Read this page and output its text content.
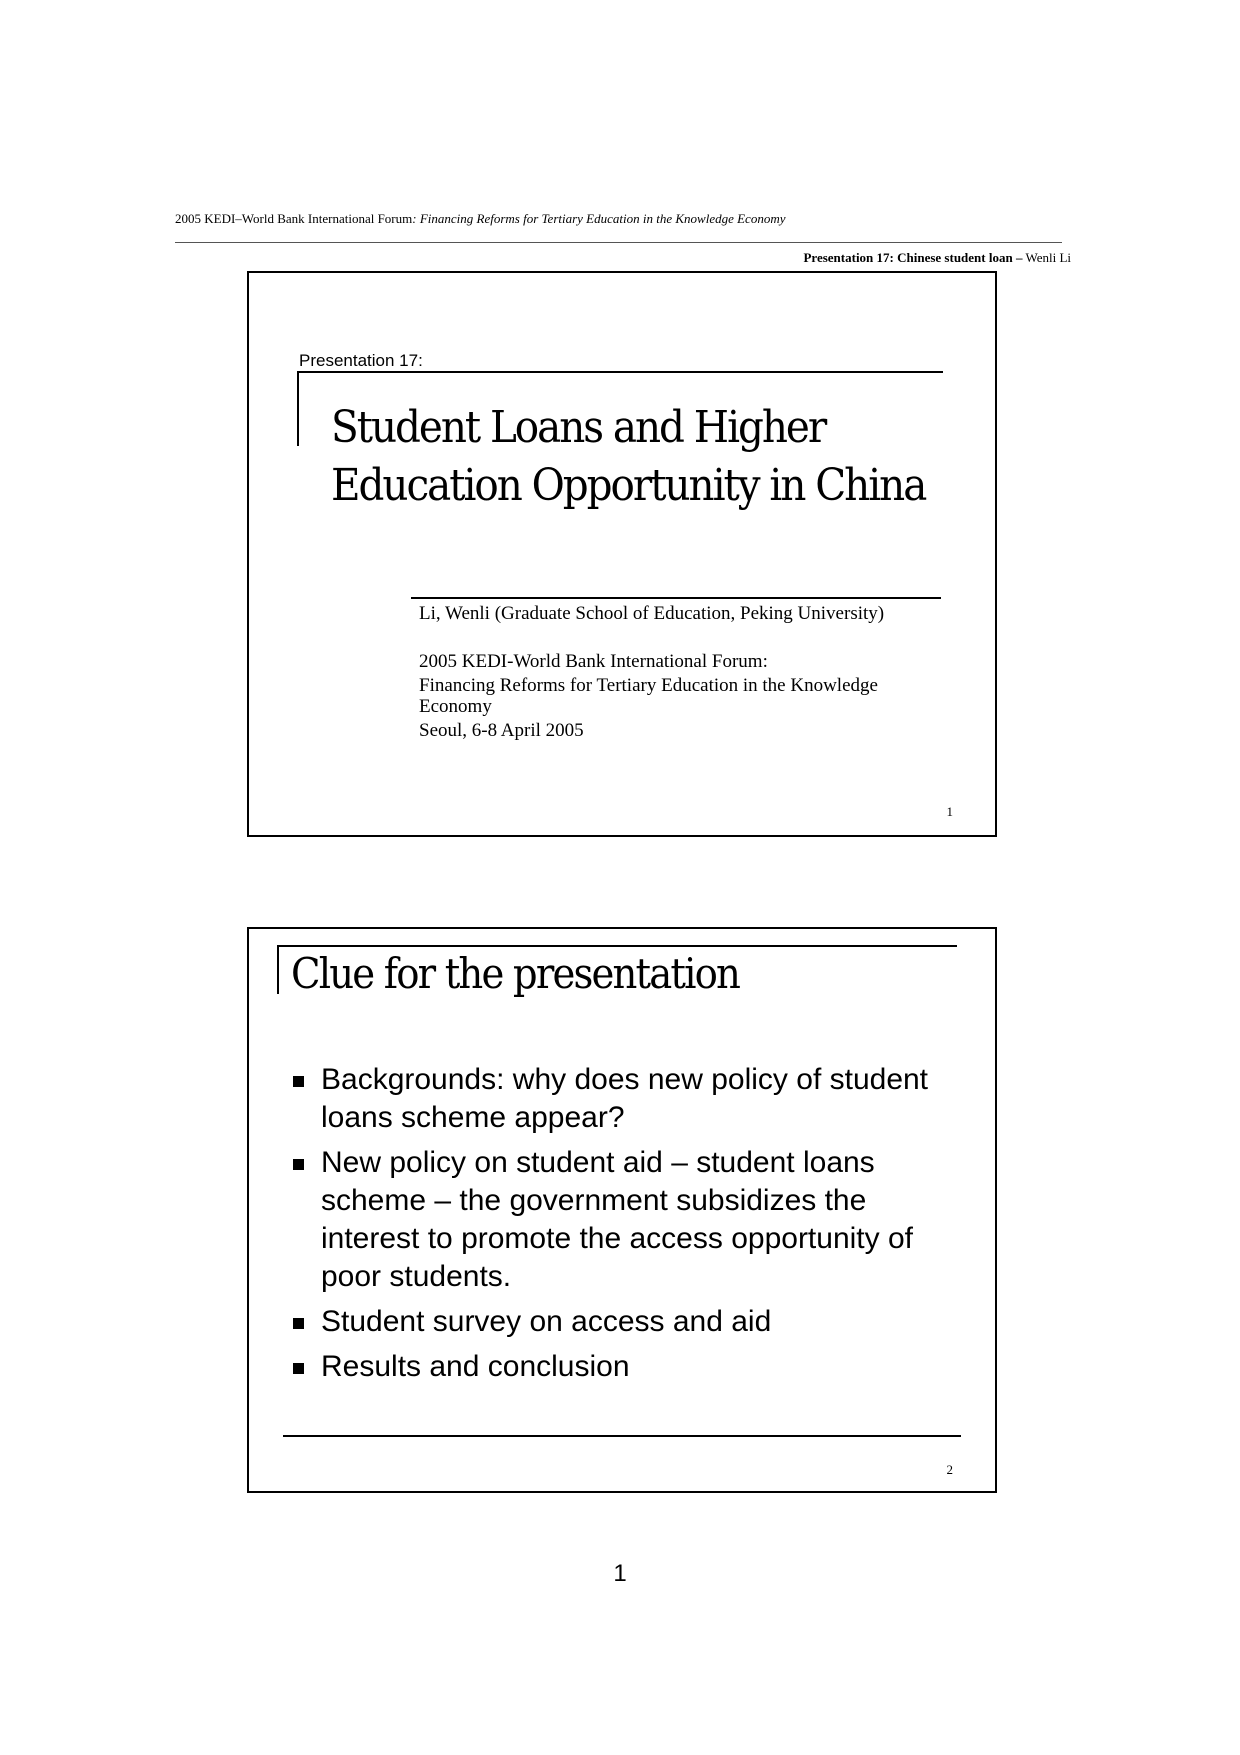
2005 KEDI–World Bank International Forum: Financing Reforms for Tertiary Education in the Knowledge Economy
Presentation 17: Chinese student loan – Wenli Li
Presentation 17:
Student Loans and Higher
Education Opportunity in China
Li, Wenli (Graduate School of Education, Peking University)
2005 KEDI-World Bank International Forum:
Financing Reforms for Tertiary Education in the Knowledge Economy
Seoul, 6-8 April 2005
1
Clue for the presentation
Backgrounds: why does new policy of student loans scheme appear?
New policy on student aid – student loans scheme – the government subsidizes the interest to promote the access opportunity of poor students.
Student survey on access and aid
Results and conclusion
2
1
